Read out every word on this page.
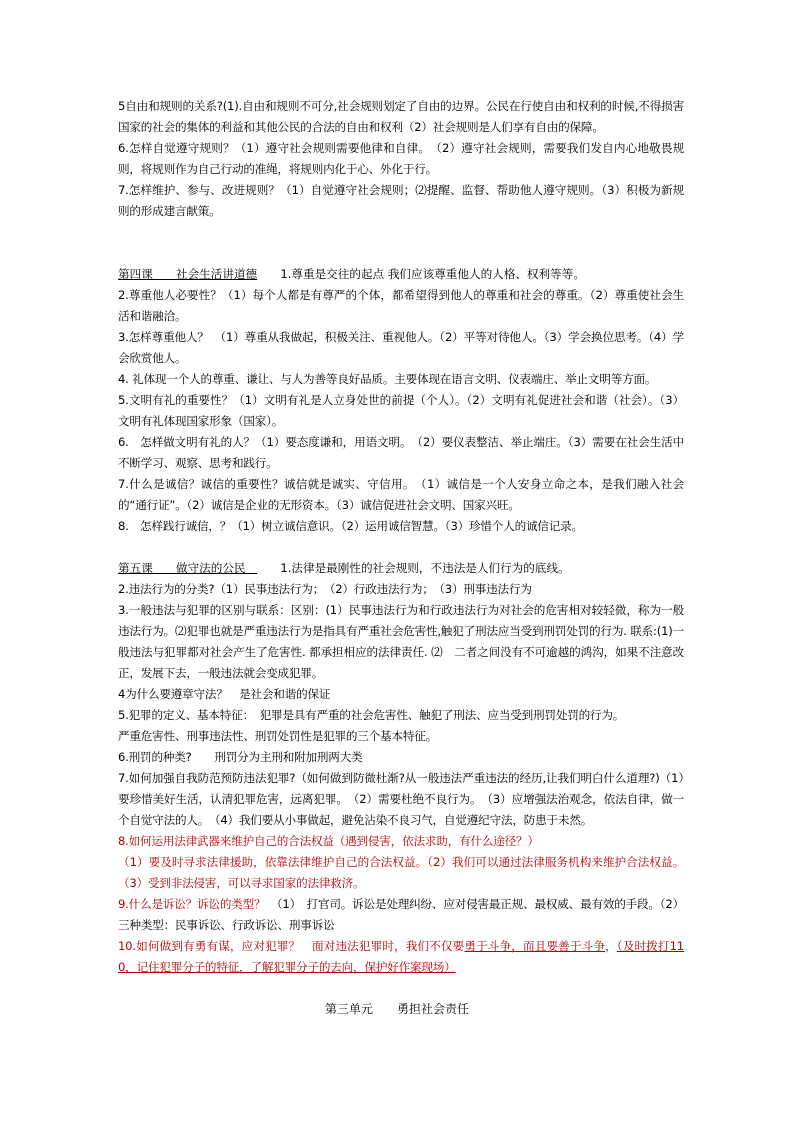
5自由和规则的关系?(1).自由和规则不可分,社会规则划定了自由的边界。公民在行使自由和权利的时候,不得损害国家的社会的集体的利益和其他公民的合法的自由和权利（2）社会规则是人们享有自由的保障。

6.怎样自觉遵守规则？（1）遵守社会规则需要他律和自律。　（2）遵守社会规则，需要我们发自内心地敬畏规则，将规则作为自己行动的准绳，将规则内化于心、外化于行。

7.怎样维护、参与、改进规则？（1）自觉遵守社会规则；⑵提醒、监督、帮助他人遵守规则。（3）积极为新规则的形成建言献策。

第四课　　社会生活讲道德　　1.尊重是交往的起点 我们应该尊重他人的人格、权利等等。

2.尊重他人必要性？（1）每个人都是有尊严的个体，都希望得到他人的尊重和社会的尊重。（2）尊重使社会生活和谐融洽。

3.怎样尊重他人？　（1）尊重从我做起，积极关注、重视他人。（2）平等对待他人。（3）学会换位思考。（4）学会欣赏他人。

4. 礼体现一个人的尊重、谦让、与人为善等良好品质。主要体现在语言文明、仪表端庄、举止文明等方面。

5.文明有礼的重要性？（1）文明有礼是人立身处世的前提（个人）。（2）文明有礼促进社会和谐（社会）。（3）文明有礼体现国家形象（国家）。

6.　怎样做文明有礼的人？（1）要态度谦和，用语文明。　（2）要仪表整洁、举止端庄。（3）需要在社会生活中不断学习、观察、思考和践行。

7.什么是诚信？诚信的重要性？诚信就是诚实、守信用。　（1）诚信是一个人安身立命之本，是我们融入社会的“通行证”。（2）诚信是企业的无形资本。（3）诚信促进社会文明、国家兴旺。

8.　怎样践行诚信，？（1）树立诚信意识。（2）运用诚信智慧。（3）珍惜个人的诚信记录。

第五课　　做守法的公民　　　1.法律是最刚性的社会规则，不违法是人们行为的底线。

2.违法行为的分类?（1）民事违法行为；　（2）行政违法行为；　（3）刑事违法行为

3.一般违法与犯罪的区别与联系：区别：(1）民事违法行为和行政违法行为对社会的危害相对较轻微，称为一般违法行为。⑵犯罪也就是严重违法行为是指具有严重社会危害性,触犯了刑法应当受到刑罚处罚的行为. 联系:(1)一般违法与犯罪都对社会产生了危害性. 都承担相应的法律责任. ⑵　二者之间没有不可逾越的鸿沟，如果不注意改正，发展下去，一般违法就会变成犯罪。

4为什么要遵章守法？　是社会和谐的保证

5.犯罪的定义、基本特征：　犯罪是具有严重的社会危害性、触犯了刑法、应当受到刑罚处罚的行为。

严重危害性、刑事违法性、刑罚处罚性是犯罪的三个基本特征。

6.刑罚的种类?　　刑罚分为主刑和附加刑两大类

7.如何加强自我防范预防违法犯罪?（如何做到防微杜渐?从一般违法严重违法的经历,让我们明白什么道理?)（1）　要珍惜美好生活，认清犯罪危害，远离犯罪。　（2）需要杜绝不良行为。　（3）应增强法治观念，依法自律，做一个自觉守法的人。　（4）我们要从小事做起，避免沾染不良习气，自觉遵纪守法，防患于未然。

8.如何运用法律武器来维护自己的合法权益（遇到侵害，依法求助，有什么途径？）

（1）要及时寻求法律援助，依靠法律维护自己的合法权益。（2）我们可以通过法律服务机构来维护合法权益。（3）受到非法侵害，可以寻求国家的法律救济。

9.什么是诉讼？诉讼的类型？　（1）　打官司。诉讼是处理纠纷、应对侵害最正规、最权威、最有效的手段。（2）三种类型：民事诉讼、行政诉讼、刑事诉讼

10.如何做到有勇有谋，应对犯罪？　面对违法犯罪时，我们不仅要勇于斗争，而且要善于斗争，（及时拨打110，记住犯罪分子的特征，了解犯罪分子的去向，保护好作案现场）

第三单元　　勇担社会责任
